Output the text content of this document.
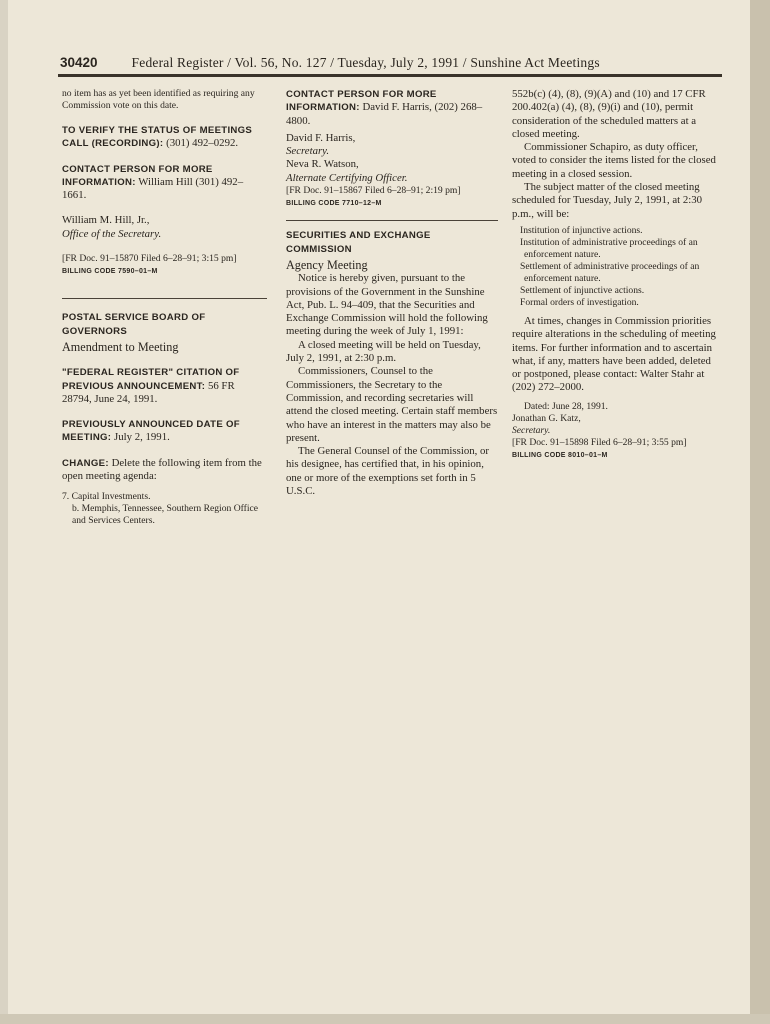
30420	Federal Register / Vol. 56, No. 127 / Tuesday, July 2, 1991 / Sunshine Act Meetings

no item has as yet been identified as requiring any Commission vote on this date.

TO VERIFY THE STATUS OF MEETINGS CALL (RECORDING): (301) 492–0292.

CONTACT PERSON FOR MORE INFORMATION: William Hill (301) 492–1661.

William M. Hill, Jr.,

Office of the Secretary.

[FR Doc. 91–15870 Filed 6–28–91; 3:15 pm]

BILLING CODE 7590–01–M

POSTAL SERVICE BOARD OF GOVERNORS

Amendment to Meeting

"FEDERAL REGISTER" CITATION OF PREVIOUS ANNOUNCEMENT: 56 FR 28794, June 24, 1991.

PREVIOUSLY ANNOUNCED DATE OF MEETING: July 2, 1991.

CHANGE: Delete the following item from the open meeting agenda:

7. Capital Investments.

b. Memphis, Tennessee, Southern Region Office and Services Centers.

CONTACT PERSON FOR MORE INFORMATION: David F. Harris, (202) 268–4800.

David F. Harris,

Secretary.

Neva R. Watson,

Alternate Certifying Officer.

[FR Doc. 91–15867 Filed 6–28–91; 2:19 pm]

BILLING CODE 7710–12–M

SECURITIES AND EXCHANGE COMMISSION

Agency Meeting

Notice is hereby given, pursuant to the provisions of the Government in the Sunshine Act, Pub. L. 94–409, that the Securities and Exchange Commission will hold the following meeting during the week of July 1, 1991:

A closed meeting will be held on Tuesday, July 2, 1991, at 2:30 p.m.

Commissioners, Counsel to the Commissioners, the Secretary to the Commission, and recording secretaries will attend the closed meeting. Certain staff members who have an interest in the matters may also be present.

The General Counsel of the Commission, or his designee, has certified that, in his opinion, one or more of the exemptions set forth in 5 U.S.C.

552b(c) (4), (8), (9)(A) and (10) and 17 CFR 200.402(a) (4), (8), (9)(i) and (10), permit consideration of the scheduled matters at a closed meeting.

Commissioner Schapiro, as duty officer, voted to consider the items listed for the closed meeting in a closed session.

The subject matter of the closed meeting scheduled for Tuesday, July 2, 1991, at 2:30 p.m., will be:

Institution of injunctive actions.

Institution of administrative proceedings of an enforcement nature.

Settlement of administrative proceedings of an enforcement nature.

Settlement of injunctive actions.

Formal orders of investigation.

At times, changes in Commission priorities require alterations in the scheduling of meeting items. For further information and to ascertain what, if any, matters have been added, deleted or postponed, please contact: Walter Stahr at (202) 272–2000.

Dated: June 28, 1991.

Jonathan G. Katz,

Secretary.

[FR Doc. 91–15898 Filed 6–28–91; 3:55 pm]

BILLING CODE 8010–01–M
